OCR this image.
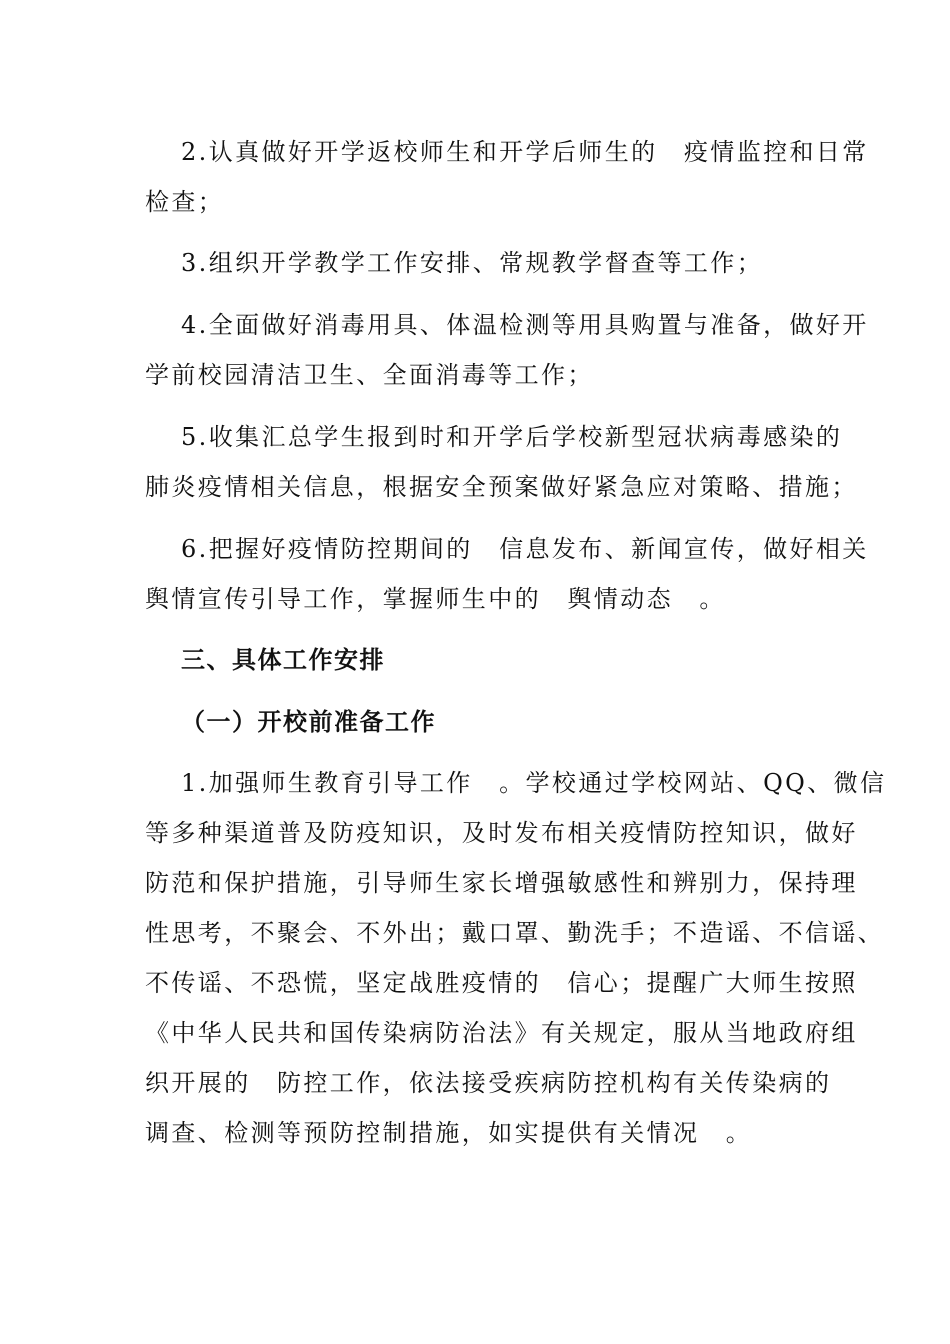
2.认真做好开学返校师生和开学后师生的　疫情监控和日常
检查；
3.组织开学教学工作安排、常规教学督查等工作；
4.全面做好消毒用具、体温检测等用具购置与准备，做好开
学前校园清洁卫生、全面消毒等工作；
5.收集汇总学生报到时和开学后学校新型冠状病毒感染的
肺炎疫情相关信息，根据安全预案做好紧急应对策略、措施；
6.把握好疫情防控期间的　信息发布、新闻宣传，做好相关
舆情宣传引导工作，掌握师生中的　舆情动态　。
三、具体工作安排
（一）开校前准备工作
1.加强师生教育引导工作　。学校通过学校网站、QQ、微信
等多种渠道普及防疫知识，及时发布相关疫情防控知识，做好
防范和保护措施，引导师生家长增强敏感性和辨别力，保持理
性思考，不聚会、不外出；戴口罩、勤洗手；不造谣、不信谣、
不传谣、不恐慌，坚定战胜疫情的　信心；提醒广大师生按照
《中华人民共和国传染病防治法》有关规定，服从当地政府组
织开展的　防控工作，依法接受疾病防控机构有关传染病的
调查、检测等预防控制措施，如实提供有关情况　。
